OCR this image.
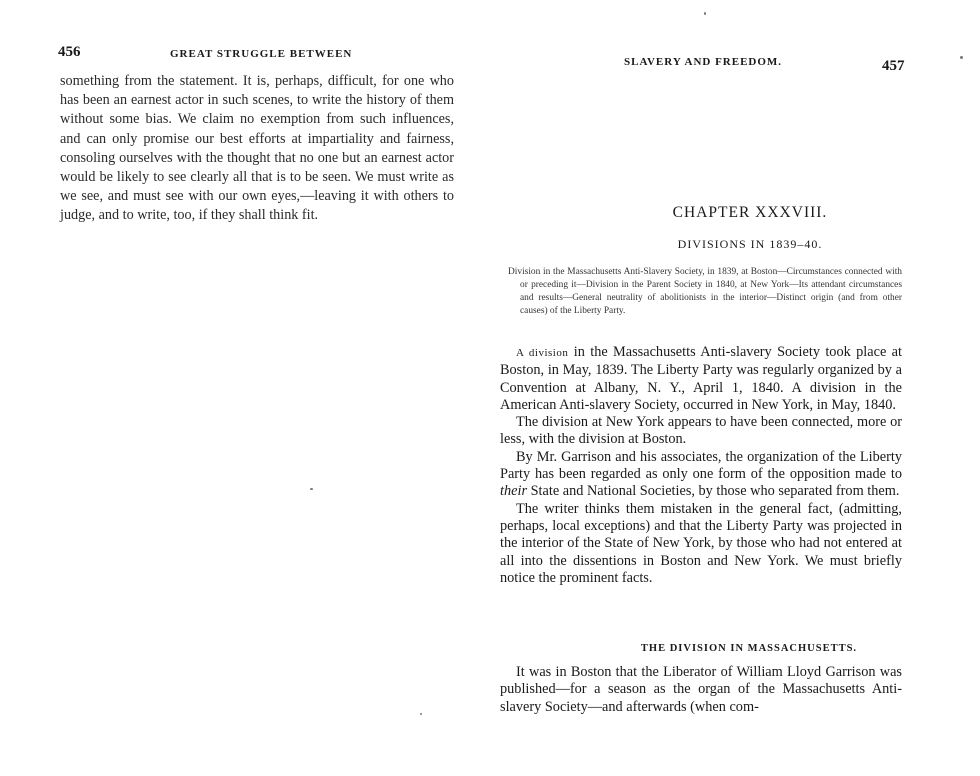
456	GREAT STRUGGLE BETWEEN

something from the statement. It is, perhaps, difficult, for one who has been an earnest actor in such scenes, to write the history of them without some bias. We claim no exemption from such influences, and can only promise our best efforts at impartiality and fairness, consoling ourselves with the thought that no one but an earnest actor would be likely to see clearly all that is to be seen. We must write as we see, and must see with our own eyes,—leaving it with others to judge, and to write, too, if they shall think fit.

SLAVERY AND FREEDOM.	457
CHAPTER XXXVIII.
DIVISIONS IN 1839–40.
Division in the Massachusetts Anti-Slavery Society, in 1839, at Boston—Circumstances connected with or preceding it—Division in the Parent Society in 1840, at New York—Its attendant circumstances and results—General neutrality of abolitionists in the interior—Distinct origin (and from other causes) of the Liberty Party.

A division in the Massachusetts Anti-slavery Society took place at Boston, in May, 1839. The Liberty Party was regularly organized by a Convention at Albany, N. Y., April 1, 1840. A division in the American Anti-slavery Society, occurred in New York, in May, 1840.

The division at New York appears to have been connected, more or less, with the division at Boston.

By Mr. Garrison and his associates, the organization of the Liberty Party has been regarded as only one form of the opposition made to their State and National Societies, by those who separated from them.

The writer thinks them mistaken in the general fact, (admitting, perhaps, local exceptions) and that the Liberty Party was projected in the interior of the State of New York, by those who had not entered at all into the dissentions in Boston and New York. We must briefly notice the prominent facts.

THE DIVISION IN MASSACHUSETTS.

It was in Boston that the Liberator of William Lloyd Garrison was published—for a season as the organ of the Massachusetts Anti-slavery Society—and afterwards (when com-
